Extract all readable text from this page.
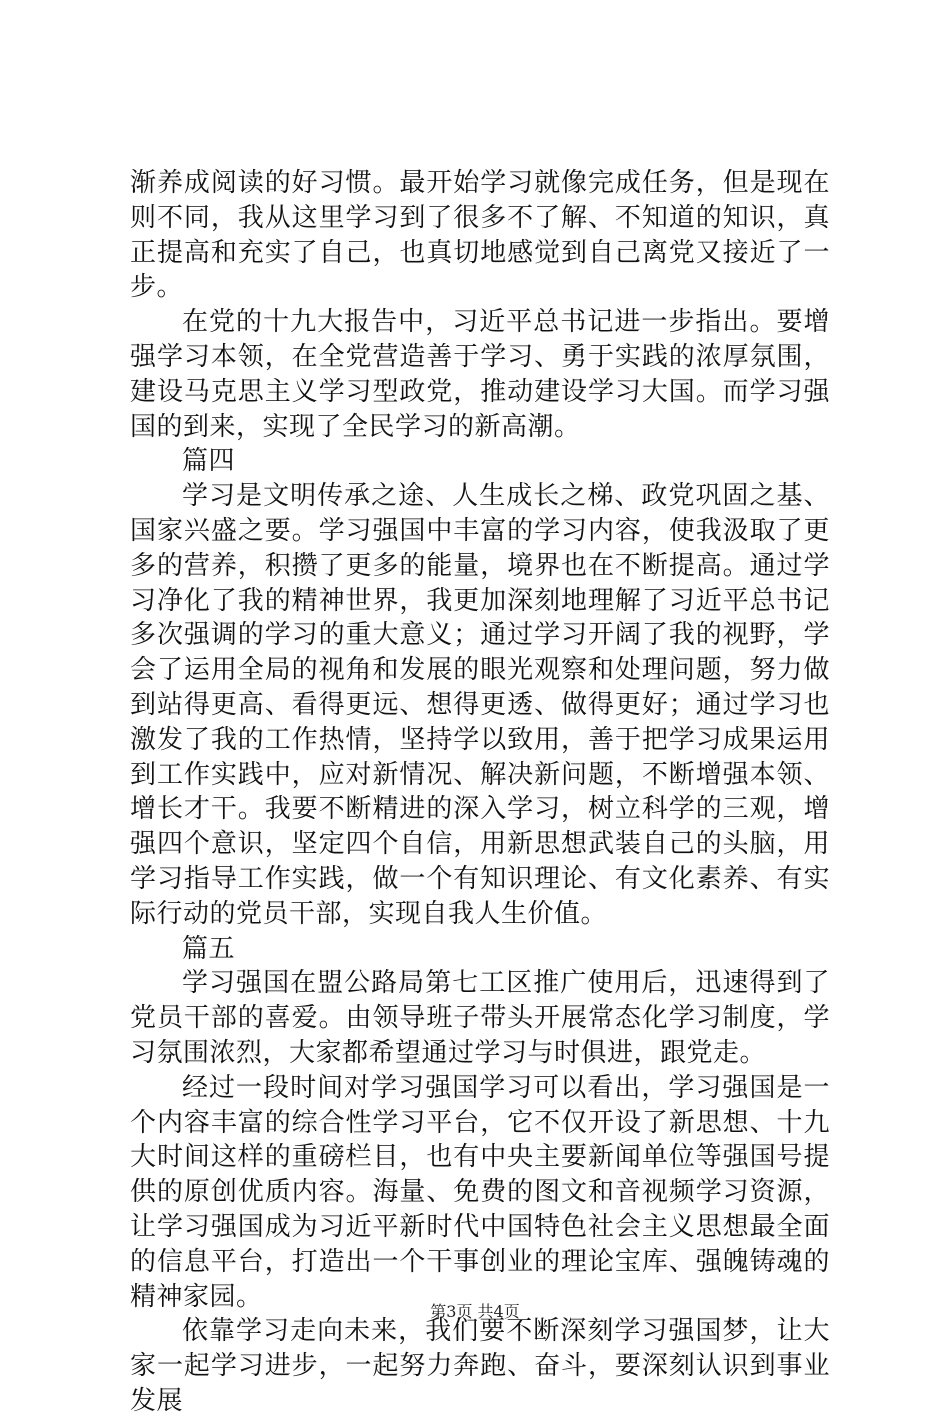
渐养成阅读的好习惯。最开始学习就像完成任务，但是现在则不同，我从这里学习到了很多不了解、不知道的知识，真正提高和充实了自己，也真切地感觉到自己离党又接近了一步。

在党的十九大报告中，习近平总书记进一步指出。要增强学习本领，在全党营造善于学习、勇于实践的浓厚氛围，建设马克思主义学习型政党，推动建设学习大国。而学习强国的到来，实现了全民学习的新高潮。

篇四

学习是文明传承之途、人生成长之梯、政党巩固之基、国家兴盛之要。学习强国中丰富的学习内容，使我汲取了更多的营养，积攒了更多的能量，境界也在不断提高。通过学习净化了我的精神世界，我更加深刻地理解了习近平总书记多次强调的学习的重大意义；通过学习开阔了我的视野，学会了运用全局的视角和发展的眼光观察和处理问题，努力做到站得更高、看得更远、想得更透、做得更好；通过学习也激发了我的工作热情，坚持学以致用，善于把学习成果运用到工作实践中，应对新情况、解决新问题，不断增强本领、增长才干。我要不断精进的深入学习，树立科学的三观，增强四个意识，坚定四个自信，用新思想武装自己的头脑，用学习指导工作实践，做一个有知识理论、有文化素养、有实际行动的党员干部，实现自我人生价值。

篇五

学习强国在盟公路局第七工区推广使用后，迅速得到了党员干部的喜爱。由领导班子带头开展常态化学习制度，学习氛围浓烈，大家都希望通过学习与时俱进，跟党走。

经过一段时间对学习强国学习可以看出，学习强国是一个内容丰富的综合性学习平台，它不仅开设了新思想、十九大时间这样的重磅栏目，也有中央主要新闻单位等强国号提供的原创优质内容。海量、免费的图文和音视频学习资源，让学习强国成为习近平新时代中国特色社会主义思想最全面的信息平台，打造出一个干事创业的理论宝库、强魄铸魂的精神家园。

依靠学习走向未来，我们要不断深刻学习强国梦，让大家一起学习进步，一起努力奔跑、奋斗，要深刻认识到事业发展

第3页 共4页
